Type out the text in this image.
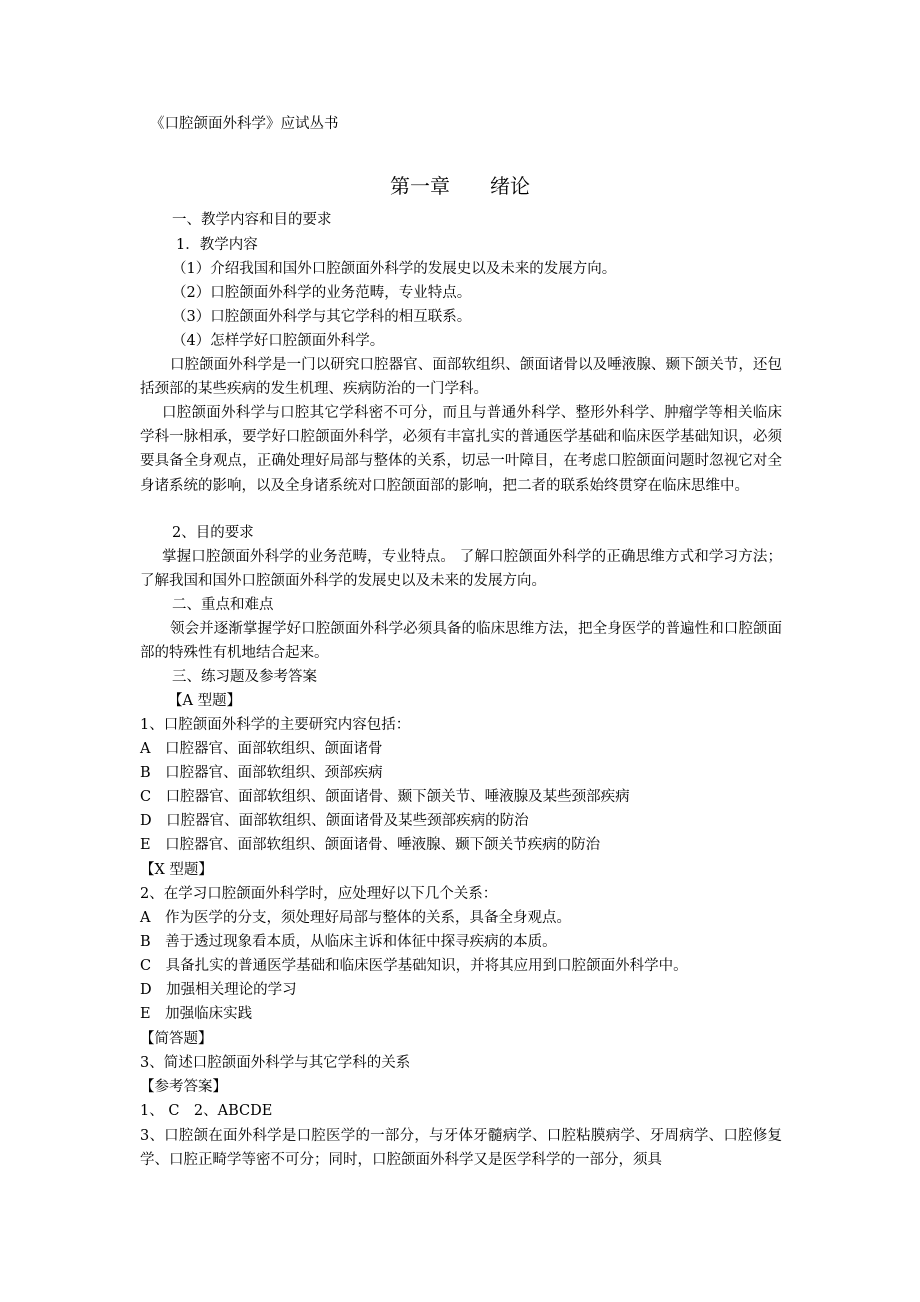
《口腔颌面外科学》应试丛书
第一章　　绪论
一、教学内容和目的要求
1．教学内容
（1）介绍我国和国外口腔颌面外科学的发展史以及未来的发展方向。
（2）口腔颌面外科学的业务范畴，专业特点。
（3）口腔颌面外科学与其它学科的相互联系。
（4）怎样学好口腔颌面外科学。
口腔颌面外科学是一门以研究口腔器官、面部软组织、颌面诸骨以及唾液腺、颞下颌关节，还包括颈部的某些疾病的发生机理、疾病防治的一门学科。
口腔颌面外科学与口腔其它学科密不可分，而且与普通外科学、整形外科学、肿瘤学等相关临床学科一脉相承，要学好口腔颌面外科学，必须有丰富扎实的普通医学基础和临床医学基础知识，必须要具备全身观点，正确处理好局部与整体的关系，切忌一叶障目，在考虑口腔颌面问题时忽视它对全身诸系统的影响，以及全身诸系统对口腔颌面部的影响，把二者的联系始终贯穿在临床思维中。
2、目的要求
掌握口腔颌面外科学的业务范畴，专业特点。 了解口腔颌面外科学的正确思维方式和学习方法；了解我国和国外口腔颌面外科学的发展史以及未来的发展方向。
二、重点和难点
领会并逐渐掌握学好口腔颌面外科学必须具备的临床思维方法，把全身医学的普遍性和口腔颌面部的特殊性有机地结合起来。
三、练习题及参考答案
【A 型题】
1、口腔颌面外科学的主要研究内容包括：
A　口腔器官、面部软组织、颌面诸骨
B　口腔器官、面部软组织、颈部疾病
C　口腔器官、面部软组织、颌面诸骨、颞下颌关节、唾液腺及某些颈部疾病
D　口腔器官、面部软组织、颌面诸骨及某些颈部疾病的防治
E　口腔器官、面部软组织、颌面诸骨、唾液腺、颞下颌关节疾病的防治
【X 型题】
2、在学习口腔颌面外科学时，应处理好以下几个关系：
A　作为医学的分支，须处理好局部与整体的关系，具备全身观点。
B　善于透过现象看本质，从临床主诉和体征中探寻疾病的本质。
C　具备扎实的普通医学基础和临床医学基础知识，并将其应用到口腔颌面外科学中。
D　加强相关理论的学习
E　加强临床实践
【简答题】
3、简述口腔颌面外科学与其它学科的关系
【参考答案】
1、 C　2、ABCDE
3、口腔颌在面外科学是口腔医学的一部分，与牙体牙髓病学、口腔粘膜病学、牙周病学、口腔修复学、口腔正畸学等密不可分；同时，口腔颌面外科学又是医学科学的一部分，须具
